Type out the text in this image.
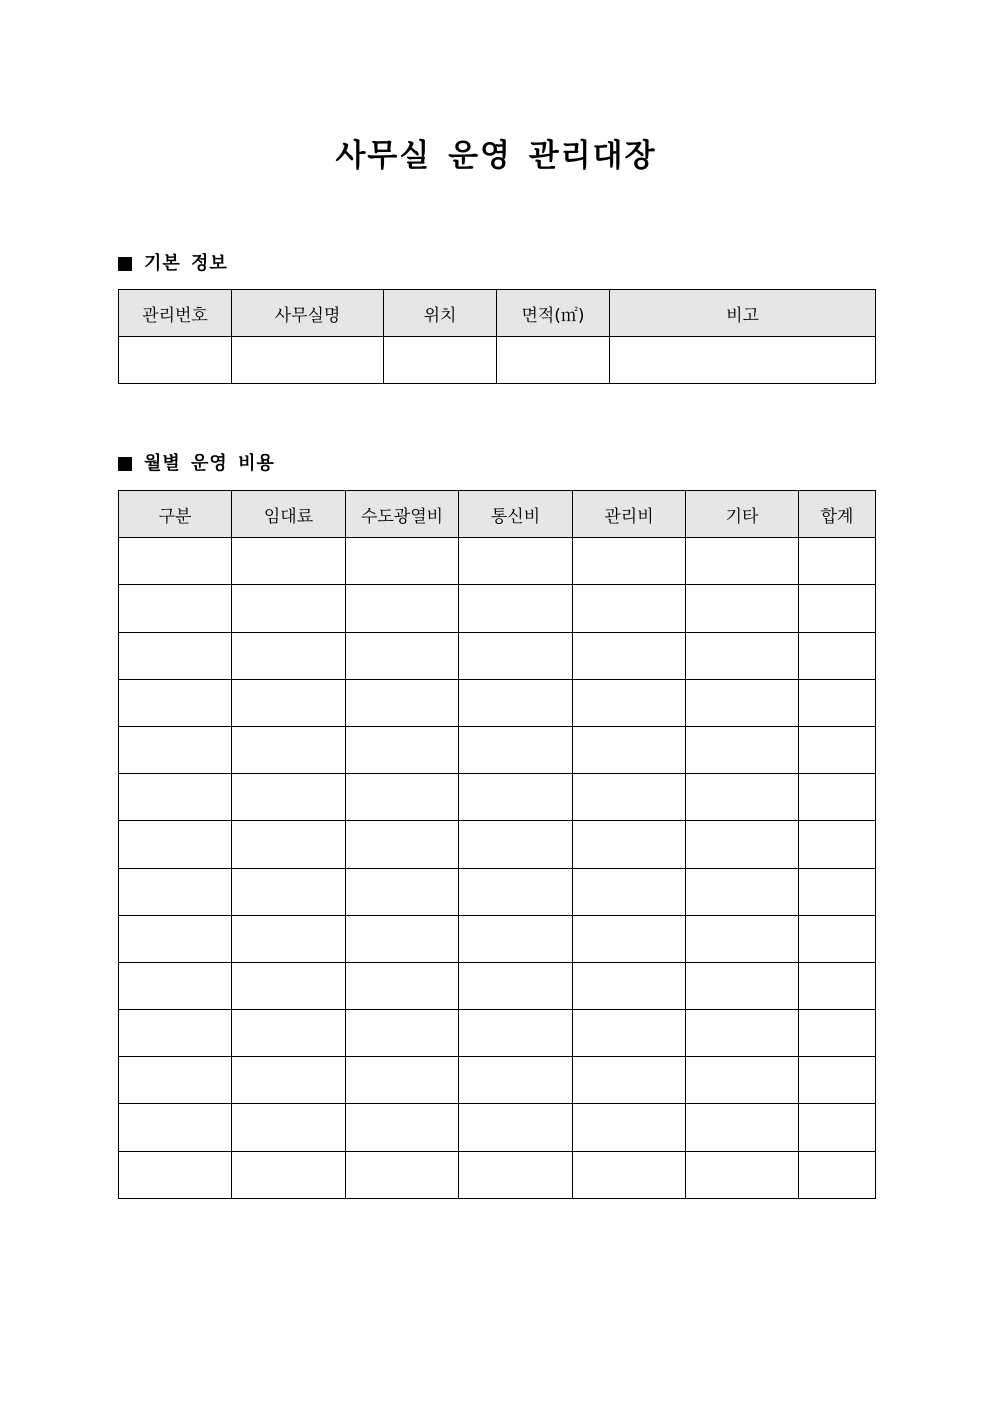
사무실 운영 관리대장
기본 정보
관리번호	사무실명	위치	면적(㎡)	비고

월별 운영 비용
구분	임대료	수도광열비	통신비	관리비	기타	합계
